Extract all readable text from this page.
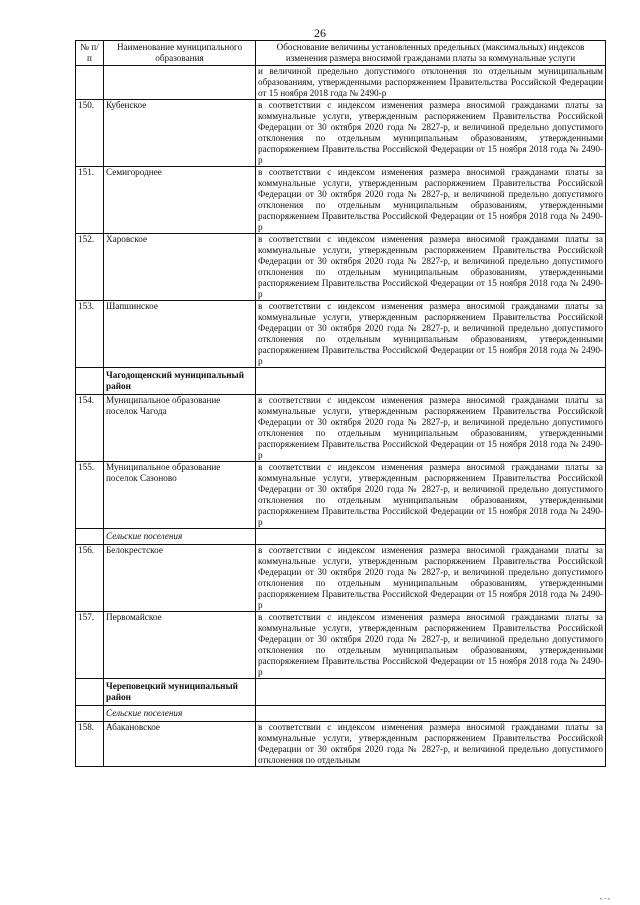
26
№ п/п	Наименование муниципального образования	Обоснование величины установленных предельных (максимальных) индексов изменения размера вносимой гражданами платы за коммунальные услуги
		и величиной предельно допустимого отклонения по отдельным муниципальным образованиям, утвержденными распоряжением Правительства Российской Федерации от 15 ноября 2018 года № 2490-р
150.	Кубенское	в соответствии с индексом изменения размера вносимой гражданами платы за коммунальные услуги, утвержденным распоряжением Правительства Российской Федерации от 30 октября 2020 года № 2827-р, и величиной предельно допустимого отклонения по отдельным муниципальным образованиям, утвержденными распоряжением Правительства Российской Федерации от 15 ноября 2018 года № 2490-р
151.	Семигороднее	в соответствии с индексом изменения размера вносимой гражданами платы за коммунальные услуги, утвержденным распоряжением Правительства Российской Федерации от 30 октября 2020 года № 2827-р, и величиной предельно допустимого отклонения по отдельным муниципальным образованиям, утвержденными распоряжением Правительства Российской Федерации от 15 ноября 2018 года № 2490-р
152.	Харовское	в соответствии с индексом изменения размера вносимой гражданами платы за коммунальные услуги, утвержденным распоряжением Правительства Российской Федерации от 30 октября 2020 года № 2827-р, и величиной предельно допустимого отклонения по отдельным муниципальным образованиям, утвержденными распоряжением Правительства Российской Федерации от 15 ноября 2018 года № 2490-р
153.	Шапшинское	в соответствии с индексом изменения размера вносимой гражданами платы за коммунальные услуги, утвержденным распоряжением Правительства Российской Федерации от 30 октября 2020 года № 2827-р, и величиной предельно допустимого отклонения по отдельным муниципальным образованиям, утвержденными распоряжением Правительства Российской Федерации от 15 ноября 2018 года № 2490-р
	Чагодощенский муниципальный район	
154.	Муниципальное образование поселок Чагода	в соответствии с индексом изменения размера вносимой гражданами платы за коммунальные услуги, утвержденным распоряжением Правительства Российской Федерации от 30 октября 2020 года № 2827-р, и величиной предельно допустимого отклонения по отдельным муниципальным образованиям, утвержденными распоряжением Правительства Российской Федерации от 15 ноября 2018 года № 2490-р
155.	Муниципальное образование поселок Сазоново	в соответствии с индексом изменения размера вносимой гражданами платы за коммунальные услуги, утвержденным распоряжением Правительства Российской Федерации от 30 октября 2020 года № 2827-р, и величиной предельно допустимого отклонения по отдельным муниципальным образованиям, утвержденными распоряжением Правительства Российской Федерации от 15 ноября 2018 года № 2490-р
	Сельские поселения	
156.	Белокрестское	в соответствии с индексом изменения размера вносимой гражданами платы за коммунальные услуги, утвержденным распоряжением Правительства Российской Федерации от 30 октября 2020 года № 2827-р, и величиной предельно допустимого отклонения по отдельным муниципальным образованиям, утвержденными распоряжением Правительства Российской Федерации от 15 ноября 2018 года № 2490-р
157.	Первомайское	в соответствии с индексом изменения размера вносимой гражданами платы за коммунальные услуги, утвержденным распоряжением Правительства Российской Федерации от 30 октября 2020 года № 2827-р, и величиной предельно допустимого отклонения по отдельным муниципальным образованиям, утвержденными распоряжением Правительства Российской Федерации от 15 ноября 2018 года № 2490-р
	Череповецкий муниципальный район	
	Сельские поселения	
158.	Абакановское	в соответствии с индексом изменения размера вносимой гражданами платы за коммунальные услуги, утвержденным распоряжением Правительства Российской Федерации от 30 октября 2020 года № 2827-р, и величиной предельно допустимого отклонения по отдельным
, . ,
